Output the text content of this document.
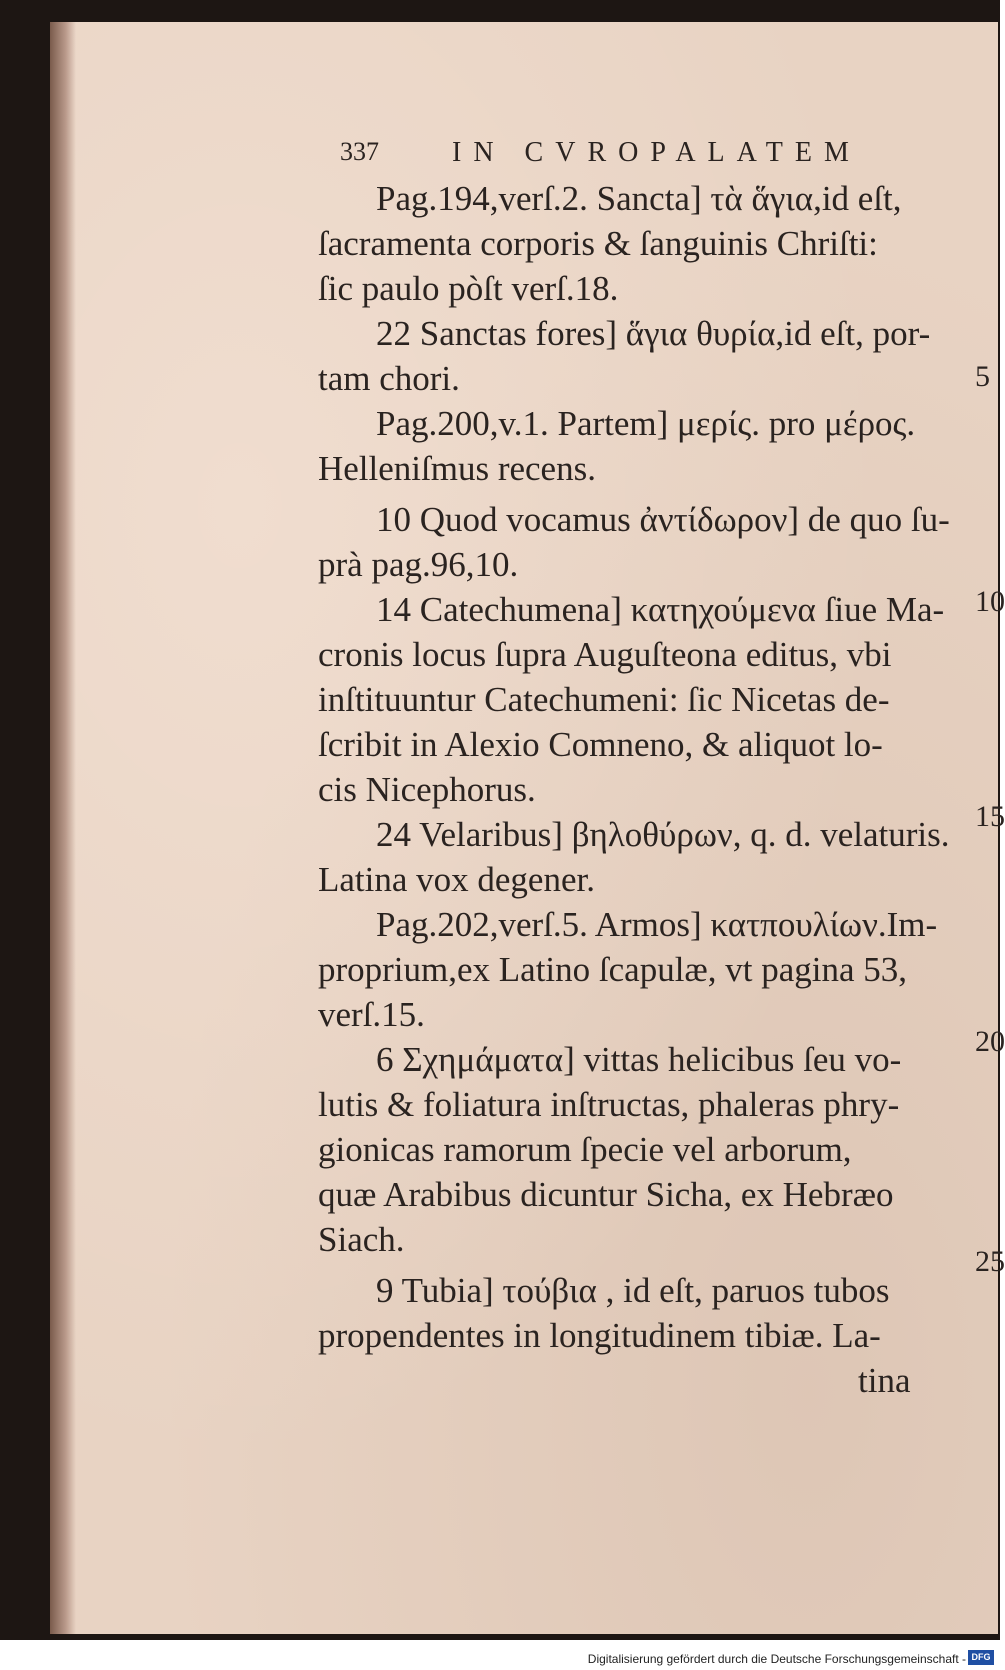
337	IN CVROPALATEM
Pag.194,verſ.2. Sancta] τὰ ἅγια,id eſt,
ſacramenta corporis & ſanguinis Chriſti:
ſic paulo pòſt verſ.18.
22 Sanctas fores] ἅγια θυρία,id eſt, por-
tam chori.
Pag.200,v.1. Partem] μερίς. pro μέρος.
Helleniſmus recens.
10 Quod vocamus ἀντίδωρον] de quo ſu-
prà pag.96,10.
14 Catechumena] κατηχούμενα ſiue Ma-
cronis locus ſupra Auguſteona editus, vbi
inſtituuntur Catechumeni: ſic Nicetas de-
ſcribit in Alexio Comneno, & aliquot lo-
cis Nicephorus.
24 Velaribus] βηλοθύρων, q. d. velaturis.
Latina vox degener.
Pag.202,verſ.5. Armos] κατπουλίων.Im-
proprium,ex Latino ſcapulæ, vt pagina 53,
verſ.15.
6 Σχημάματα] vittas helicibus ſeu vo-
lutis & foliatura inſtructas, phaleras phry-
gionicas ramorum ſpecie vel arborum,
quæ Arabibus dicuntur Sicha, ex Hebræo
Siach.
9 Tubia] τούβια , id eſt, paruos tubos
propendentes in longitudinem tibiæ. La-
tina
5
10
15
20
25
Digitalisierung gefördert durch die Deutsche Forschungsgemeinschaft - DFG
